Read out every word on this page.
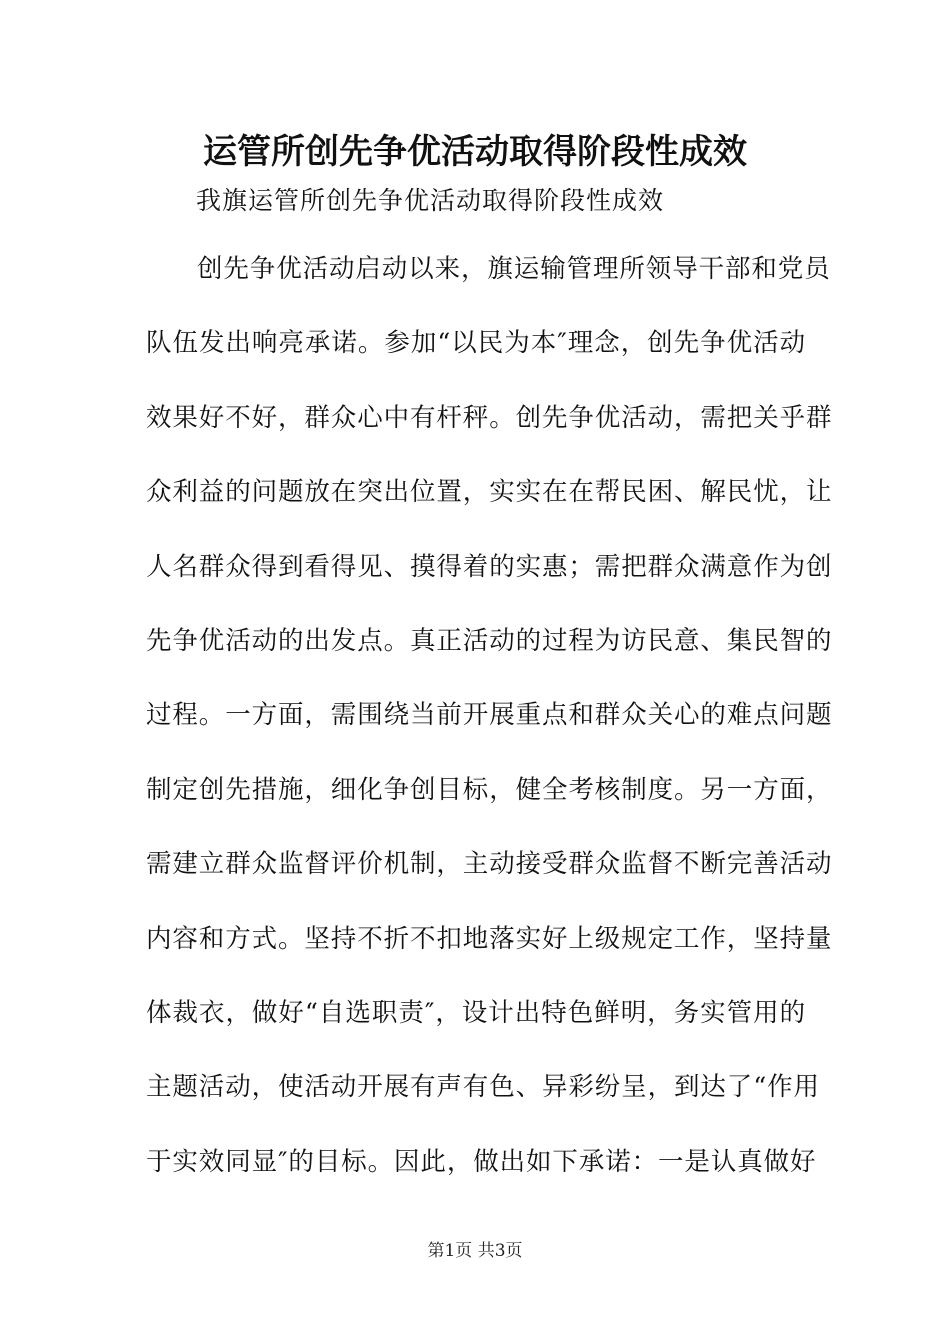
运管所创先争优活动取得阶段性成效
我旗运管所创先争优活动取得阶段性成效
创先争优活动启动以来，旗运输管理所领导干部和党员
队伍发出响亮承诺。参加“以民为本″理念，创先争优活动
效果好不好，群众心中有杆秤。创先争优活动，需把关乎群
众利益的问题放在突出位置，实实在在帮民困、解民忧，让
人名群众得到看得见、摸得着的实惠；需把群众满意作为创
先争优活动的出发点。真正活动的过程为访民意、集民智的
过程。一方面，需围绕当前开展重点和群众关心的难点问题
制定创先措施，细化争创目标，健全考核制度。另一方面，
需建立群众监督评价机制，主动接受群众监督不断完善活动
内容和方式。坚持不折不扣地落实好上级规定工作，坚持量
体裁衣，做好“自选职责″，设计出特色鲜明，务实管用的
主题活动，使活动开展有声有色、异彩纷呈，到达了“作用
于实效同显″的目标。因此，做出如下承诺：一是认真做好
第1页 共3页
